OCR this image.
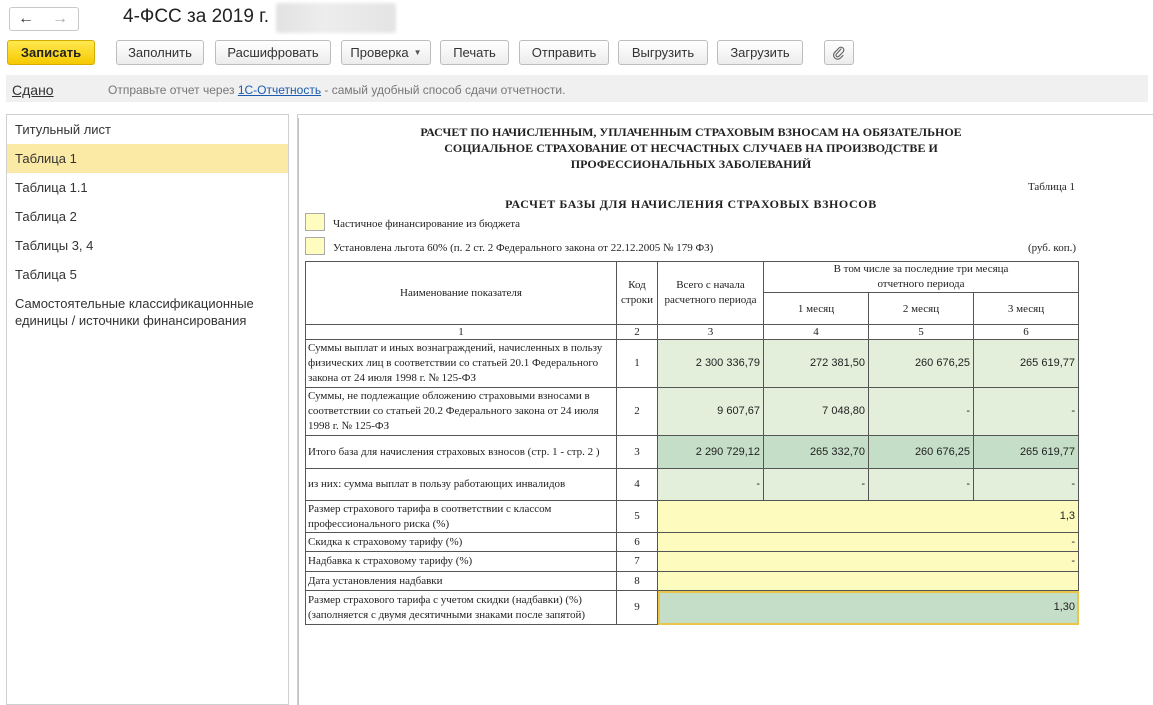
← →	4-ФСС за 2019 г.
Записать	Заполнить	Расшифровать	Проверка ▼	Печать	Отправить	Выгрузить	Загрузить
Сдано	Отправьте отчет через 1С-Отчетность - самый удобный способ сдачи отчетности.
Титульный лист
Таблица 1
Таблица 1.1
Таблица 2
Таблицы 3, 4
Таблица 5
Самостоятельные классификационные единицы / источники финансирования
РАСЧЕТ ПО НАЧИСЛЕННЫМ, УПЛАЧЕННЫМ СТРАХОВЫМ ВЗНОСАМ НА ОБЯЗАТЕЛЬНОЕ СОЦИАЛЬНОЕ СТРАХОВАНИЕ ОТ НЕСЧАСТНЫХ СЛУЧАЕВ НА ПРОИЗВОДСТВЕ И ПРОФЕССИОНАЛЬНЫХ ЗАБОЛЕВАНИЙ
Таблица 1
РАСЧЕТ БАЗЫ ДЛЯ НАЧИСЛЕНИЯ СТРАХОВЫХ ВЗНОСОВ
Частичное финансирование из бюджета
Установлена льгота 60% (п. 2 ст. 2 Федерального закона от 22.12.2005 № 179 ФЗ)	(руб. коп.)
Наименование показателя	Код строки	Всего с начала расчетного периода	В том числе за последние три месяца отчетного периода		
			1 месяц	2 месяц	3 месяц
1	2	3	4	5	6
Суммы выплат и иных вознаграждений, начисленных в пользу физических лиц в соответствии со статьей 20.1 Федерального закона от 24 июля 1998 г. № 125-ФЗ	1	2 300 336,79	272 381,50	260 676,25	265 619,77
Суммы, не подлежащие обложению страховыми взносами в соответствии со статьей 20.2 Федерального закона от 24 июля 1998 г. № 125-ФЗ	2	9 607,67	7 048,80	-	-
Итого база для начисления страховых взносов (стр. 1 - стр. 2 )	3	2 290 729,12	265 332,70	260 676,25	265 619,77
из них: сумма выплат в пользу работающих инвалидов	4	-	-	-	-
Размер страхового тарифа в соответствии с классом профессионального риска (%)	5	1,3			
Скидка к страховому тарифу (%)	6	-			
Надбавка к страховому тарифу (%)	7	-			
Дата установления надбавки	8				
Размер страхового тарифа с учетом скидки (надбавки) (%) (заполняется с двумя десятичными знаками после запятой)	9	1,30			
